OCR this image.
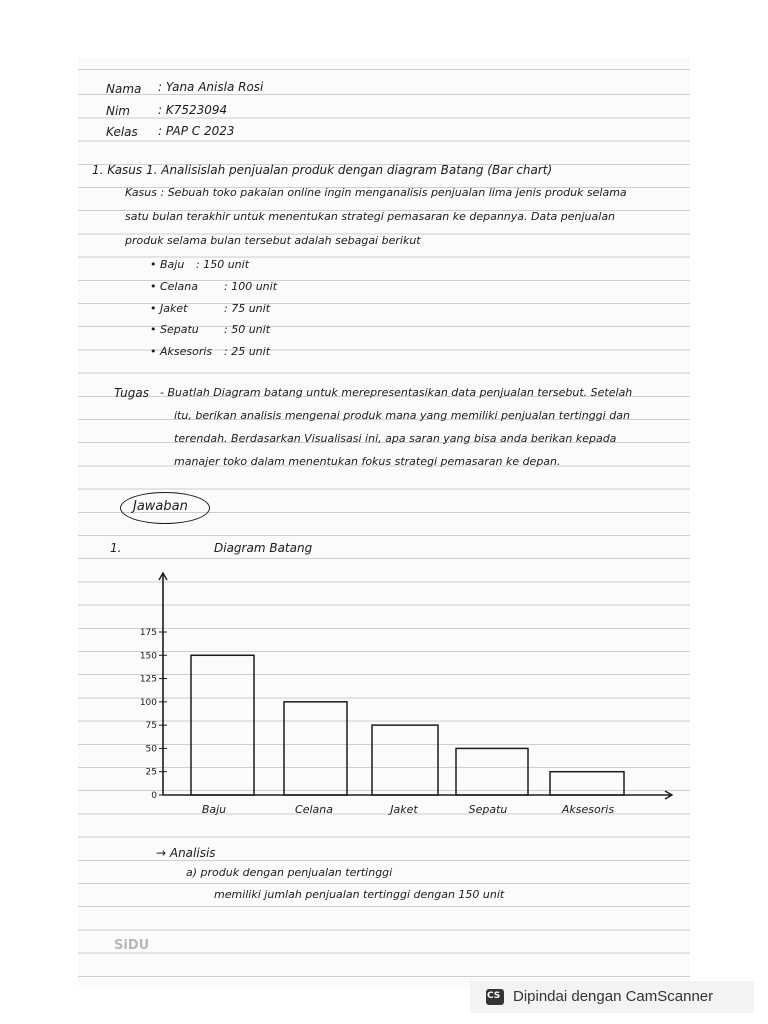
Nama : Yana Anisla Rosi
Nim : K7523094
Kelas : PAP C 2023
1. Kasus 1. Analisislah penjualan produk dengan diagram Batang (Bar chart)
Kasus : Sebuah toko pakaian online ingin menganalisis penjualan lima jenis produk selama
satu bulan terakhir untuk menentukan strategi pemasaran ke depannya. Data penjualan
produk selama bulan tersebut adalah sebagai berikut
• Baju : 150 unit
• Celana : 100 unit
• Jaket	: 75 unit
• Sepatu : 50 unit
• Aksesoris : 25 unit
Tugas - Buatlah Diagram batang untuk merepresentasikan data penjualan tersebut. Setelah
itu, berikan analisis mengenai produk mana yang memiliki penjualan tertinggi dan
terendah. Berdasarkan Visualisasi ini, apa saran yang bisa anda berikan kepada
manajer toko dalam menentukan fokus strategi pemasaran ke depan.
Jawaban
1.	Diagram Batang
0
25
50
75
100
125
150
175
Baju	Celana	Jaket	Sepatu	Aksesoris
→ Analisis
a) produk dengan penjualan tertinggi
memiliki jumlah penjualan tertinggi dengan 150 unit
SiDU
CS Dipindai dengan CamScanner
